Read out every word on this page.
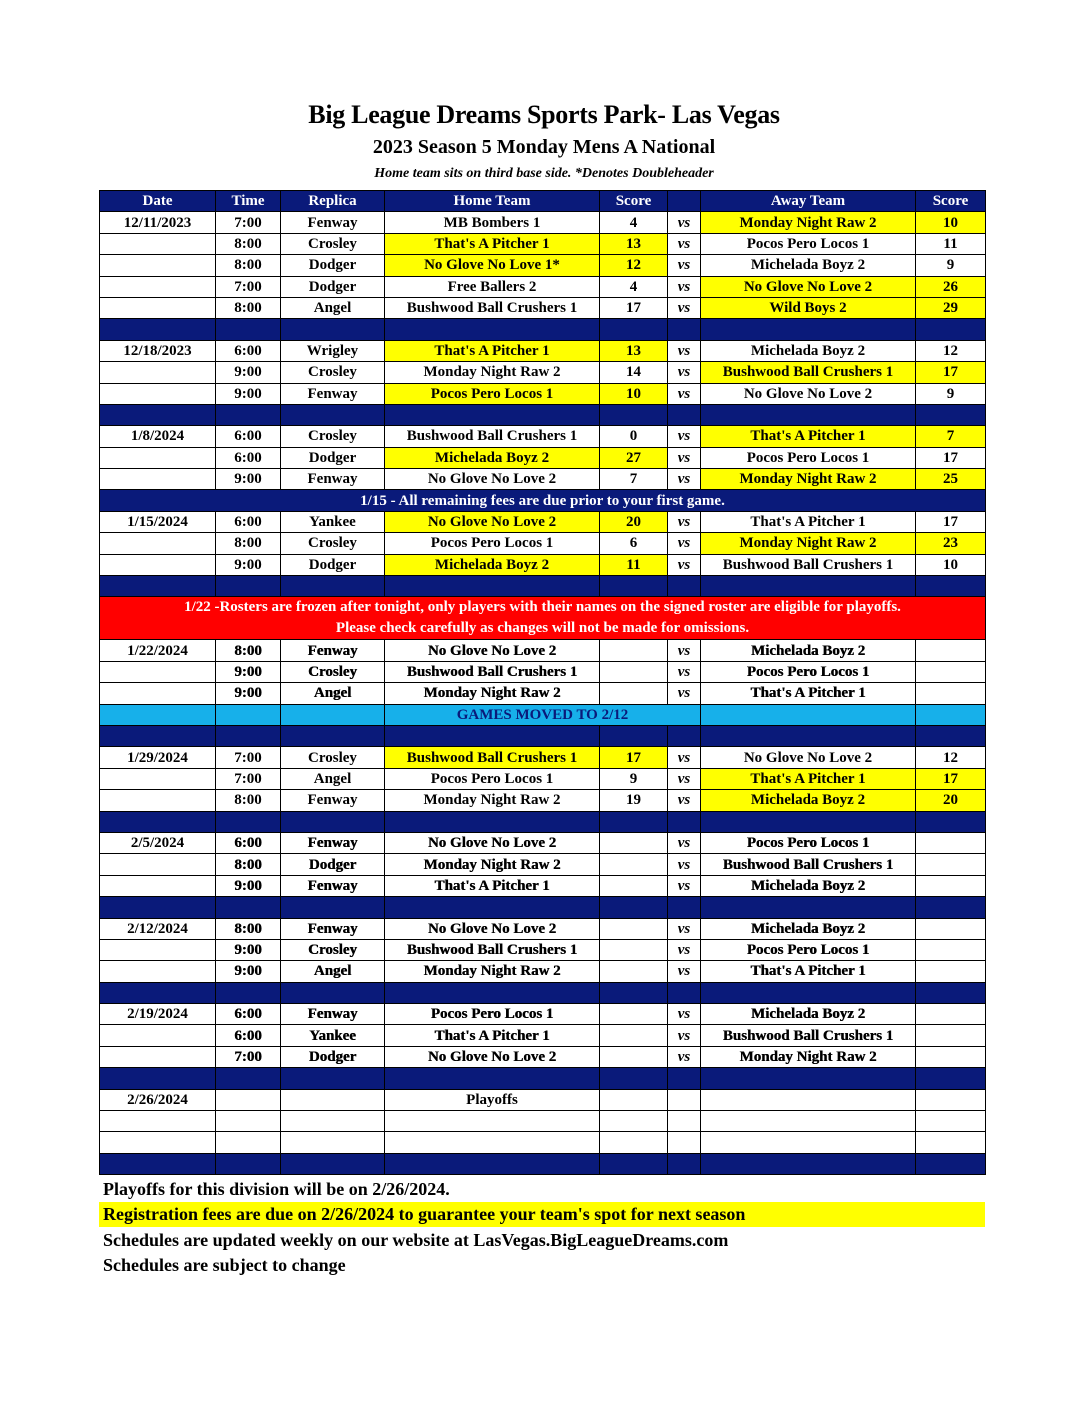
Big League Dreams Sports Park- Las Vegas
2023 Season 5 Monday Mens A National
Home team sits on third base side. *Denotes Doubleheader
Date	Time	Replica	Home Team	Score		Away Team	Score
12/11/2023	7:00	Fenway	MB Bombers 1	4	vs	Monday Night Raw 2	10
	8:00	Crosley	That's A Pitcher 1	13	vs	Pocos Pero Locos 1	11
	8:00	Dodger	No Glove No Love 1*	12	vs	Michelada Boyz 2	9
	7:00	Dodger	Free Ballers 2	4	vs	No Glove No Love 2	26
	8:00	Angel	Bushwood Ball Crushers 1	17	vs	Wild Boys 2	29

12/18/2023	6:00	Wrigley	That's A Pitcher 1	13	vs	Michelada Boyz 2	12
	9:00	Crosley	Monday Night Raw 2	14	vs	Bushwood Ball Crushers 1	17
	9:00	Fenway	Pocos Pero Locos 1	10	vs	No Glove No Love 2	9

1/8/2024	6:00	Crosley	Bushwood Ball Crushers 1	0	vs	That's A Pitcher 1	7
	6:00	Dodger	Michelada Boyz 2	27	vs	Pocos Pero Locos 1	17
	9:00	Fenway	No Glove No Love 2	7	vs	Monday Night Raw 2	25
1/15 - All remaining fees are due prior to your first game.							
1/15/2024	6:00	Yankee	No Glove No Love 2	20	vs	That's A Pitcher 1	17
	8:00	Crosley	Pocos Pero Locos 1	6	vs	Monday Night Raw 2	23
	9:00	Dodger	Michelada Boyz 2	11	vs	Bushwood Ball Crushers 1	10

1/22 -Rosters are frozen after tonight, only players with their names on the signed roster are eligible for playoffs.
Please check carefully as changes will not be made for omissions.							

1/22/2024	8:00	Fenway	No Glove No Love 2		vs	Michelada Boyz 2	
	9:00	Crosley	Bushwood Ball Crushers 1		vs	Pocos Pero Locos 1	
	9:00	Angel	Monday Night Raw 2		vs	That's A Pitcher 1	
			GAMES MOVED TO 2/12				

1/29/2024	7:00	Crosley	Bushwood Ball Crushers 1	17	vs	No Glove No Love 2	12
	7:00	Angel	Pocos Pero Locos 1	9	vs	That's A Pitcher 1	17
	8:00	Fenway	Monday Night Raw 2	19	vs	Michelada Boyz 2	20

2/5/2024	6:00	Fenway	No Glove No Love 2		vs	Pocos Pero Locos 1	
	8:00	Dodger	Monday Night Raw 2		vs	Bushwood Ball Crushers 1	
	9:00	Fenway	That's A Pitcher 1		vs	Michelada Boyz 2	

2/12/2024	8:00	Fenway	No Glove No Love 2		vs	Michelada Boyz 2	
	9:00	Crosley	Bushwood Ball Crushers 1		vs	Pocos Pero Locos 1	
	9:00	Angel	Monday Night Raw 2		vs	That's A Pitcher 1	

2/19/2024	6:00	Fenway	Pocos Pero Locos 1		vs	Michelada Boyz 2	
	6:00	Yankee	That's A Pitcher 1		vs	Bushwood Ball Crushers 1	
	7:00	Dodger	No Glove No Love 2		vs	Monday Night Raw 2	

2/26/2024			Playoffs				

Playoffs for this division will be on 2/26/2024.
Registration fees are due on 2/26/2024 to guarantee your team's spot for next season
Schedules are updated weekly on our website at LasVegas.BigLeagueDreams.com
Schedules are subject to change
